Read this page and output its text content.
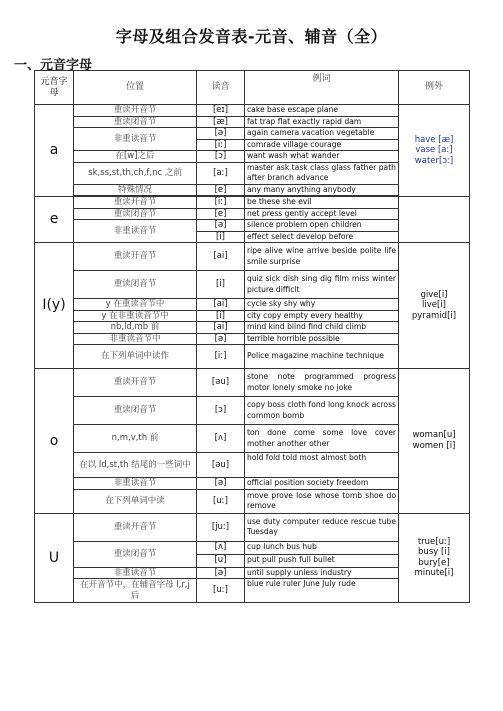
字母及组合发音表-元音、辅音（全）
一、元音字母
元音字母	位置	读音	例词	例外
a	重读开音节	[eɪ]	cake base escape plane	have [æ]
vase [aː]
water[ɔː]

	重读闭音节	[æ]	fat trap flat exactly rapid dam	
	非重读音节	[ə]	again camera vacation vegetable	
		[iː]	comrade village courage	
	在[w]之后	[ɔ]	want wash what wander	
	sk,ss,st,th,ch,f,nc 之前	[aː]	master ask task class glass father path after branch advance	
	特殊情况	[e]	any many anything anybody	

e	重读开音节	[iː]	be these she evil	
	重读闭音节	[e]	net press gently accept level	
	非重读音节	[ə]	silence problem open children	
		[i]	effect select develop before	
I(y)	重读开音节	[ai]	ripe alive wine arrive beside polite life smile surprise	give[i]
live[i]
pyramid[i]

	重读闭音节	[i]	quiz sick dish sing dig film miss winter picture difficlt	
	y 在重读音节中	[ai]	cycle sky shy why	
	y 在非重读音节中	[i]	city copy empty every healthy	
	nb,ld,mb 前	[ai]	mind kind blind find child climb	
	非重读音节中	[ə]	terrible horrible possible	
	在下列单词中读作	[iː]	Police magazine machine technique	
o	重读开音节	[əu]	stone note programmed progress motor lonely smoke no joke	woman[u]
women [i]

	重读闭音节	[ɔ]	copy boss cloth fond long knock across common bomb	
	n,m,v,th 前	[ʌ]	ton done come some love cover mother another other	
	在以 ld,st,th 结尾的一些词中	[əu]	hold fold told most almost both	
	非重读音节	[ə]	official position society freedom	
	在下列单词中读	[uː]	move prove lose whose tomb shoe do remove	
U	重读开音节	[juː]	use duty computer reduce rescue tube Tuesday	true[uː]
busy [i]
bury[e]
minute[i]

	重读闭音节	[ʌ]	cup lunch bus hub	
		[u]	put pull push full bullet	
	非重读音节	[ə]	until supply unless industry	
	在开音节中，在辅音字母 l,r,j 后	[uː]	blue rule ruler June July rude	
